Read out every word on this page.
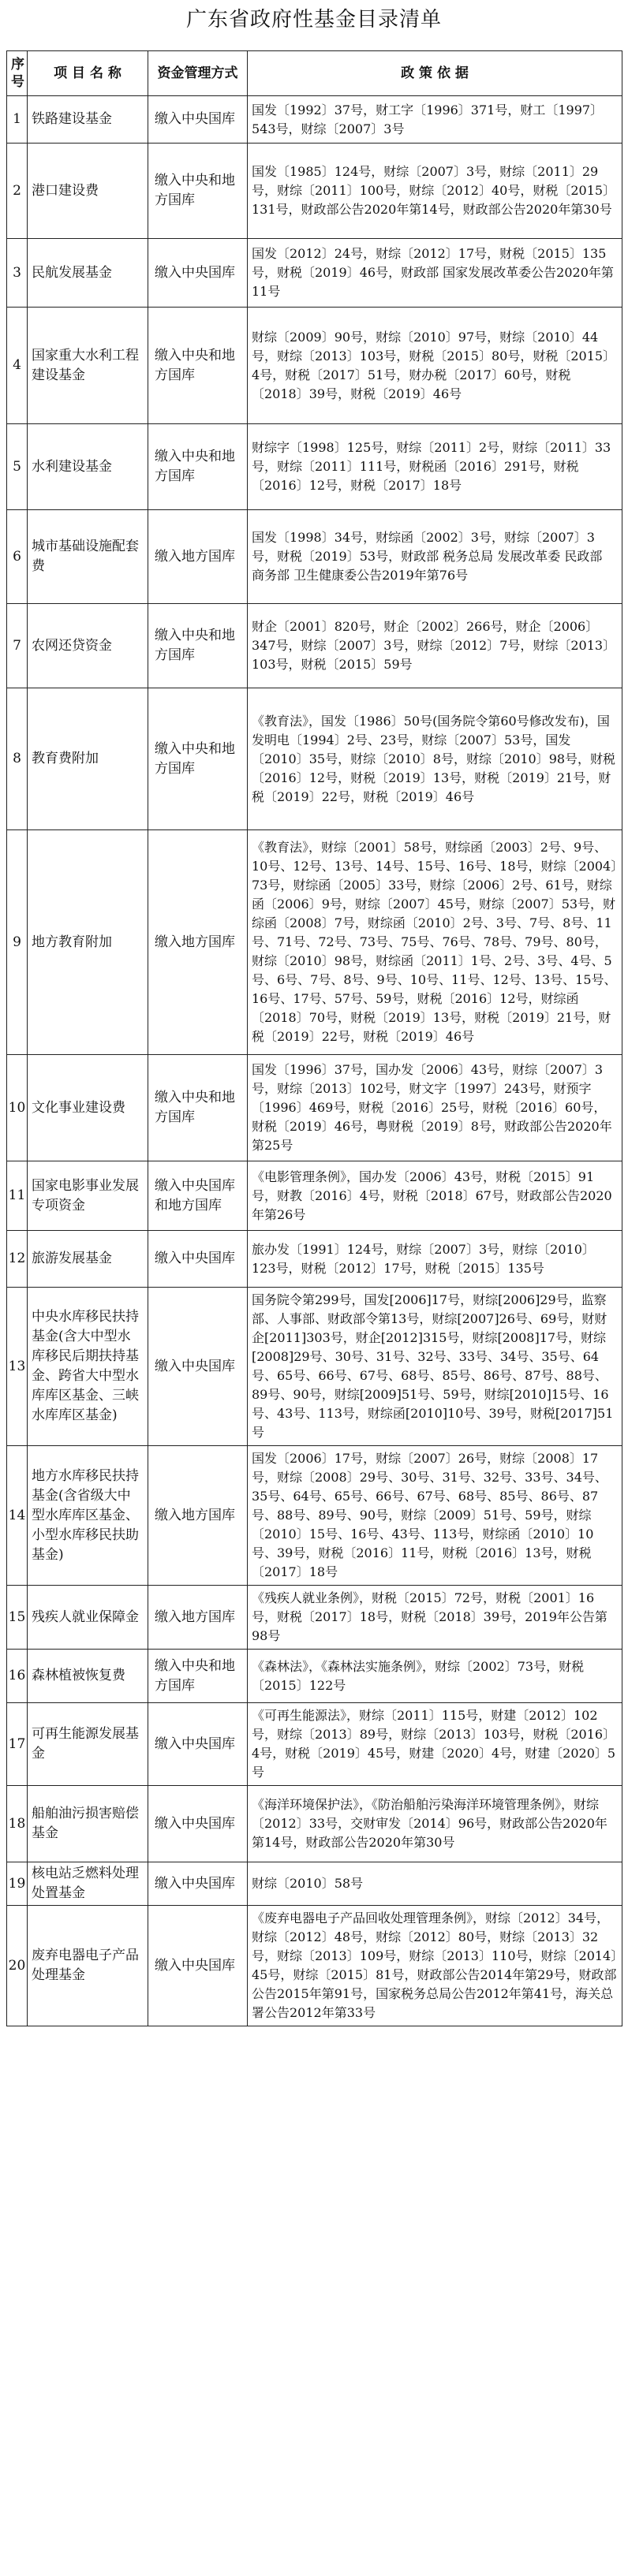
广东省政府性基金目录清单
序号	项 目 名 称	资金管理方式	政 策 依 据
1	铁路建设基金	缴入中央国库	国发〔1992〕37号，财工字〔1996〕371号，财工〔1997〕543号，财综〔2007〕3号
2	港口建设费	缴入中央和地方国库	国发〔1985〕124号，财综〔2007〕3号，财综〔2011〕29号，财综〔2011〕100号，财综〔2012〕40号，财税〔2015〕131号，财政部公告2020年第14号，财政部公告2020年第30号
3	民航发展基金	缴入中央国库	国发〔2012〕24号，财综〔2012〕17号，财税〔2015〕135号，财税〔2019〕46号，财政部 国家发展改革委公告2020年第11号
4	国家重大水利工程建设基金	缴入中央和地方国库	财综〔2009〕90号，财综〔2010〕97号，财综〔2010〕44号，财综〔2013〕103号，财税〔2015〕80号，财税〔2015〕4号，财税〔2017〕51号，财办税〔2017〕60号，财税〔2018〕39号，财税〔2019〕46号
5	水利建设基金	缴入中央和地方国库	财综字〔1998〕125号，财综〔2011〕2号，财综〔2011〕33号，财综〔2011〕111号，财税函〔2016〕291号，财税〔2016〕12号，财税〔2017〕18号
6	城市基础设施配套费	缴入地方国库	国发〔1998〕34号，财综函〔2002〕3号，财综〔2007〕3号，财税〔2019〕53号，财政部 税务总局 发展改革委 民政部 商务部 卫生健康委公告2019年第76号
7	农网还贷资金	缴入中央和地方国库	财企〔2001〕820号，财企〔2002〕266号，财企〔2006〕347号，财综〔2007〕3号，财综〔2012〕7号，财综〔2013〕103号，财税〔2015〕59号
8	教育费附加	缴入中央和地方国库	《教育法》，国发〔1986〕50号(国务院令第60号修改发布)，国发明电〔1994〕2号、23号，财综〔2007〕53号，国发〔2010〕35号，财综〔2010〕8号，财综〔2010〕98号，财税〔2016〕12号，财税〔2019〕13号，财税〔2019〕21号，财税〔2019〕22号，财税〔2019〕46号
9	地方教育附加	缴入地方国库	《教育法》，财综〔2001〕58号，财综函〔2003〕2号、9号、10号、12号、13号、14号、15号、16号、18号，财综〔2004〕73号，财综函〔2005〕33号，财综〔2006〕2号、61号，财综函〔2006〕9号，财综〔2007〕45号，财综〔2007〕53号，财综函〔2008〕7号，财综函〔2010〕2号、3号、7号、8号、11号、71号、72号、73号、75号、76号、78号、79号、80号，财综〔2010〕98号，财综函〔2011〕1号、2号、3号、4号、5号、6号、7号、8号、9号、10号、11号、12号、13号、15号、16号、17号、57号、59号，财税〔2016〕12号，财综函〔2018〕70号，财税〔2019〕13号，财税〔2019〕21号，财税〔2019〕22号，财税〔2019〕46号
10	文化事业建设费	缴入中央和地方国库	国发〔1996〕37号，国办发〔2006〕43号，财综〔2007〕3号，财综〔2013〕102号，财文字〔1997〕243号，财预字〔1996〕469号，财税〔2016〕25号，财税〔2016〕60号，财税〔2019〕46号，粤财税〔2019〕8号，财政部公告2020年第25号
11	国家电影事业发展专项资金	缴入中央国库和地方国库	《电影管理条例》，国办发〔2006〕43号，财税〔2015〕91号，财教〔2016〕4号，财税〔2018〕67号，财政部公告2020年第26号
12	旅游发展基金	缴入中央国库	旅办发〔1991〕124号，财综〔2007〕3号，财综〔2010〕123号，财税〔2012〕17号，财税〔2015〕135号
13	中央水库移民扶持基金(含大中型水库移民后期扶持基金、跨省大中型水库库区基金、三峡水库库区基金)	缴入中央国库	国务院令第299号，国发[2006]17号，财综[2006]29号，监察部、人事部、财政部令第13号，财综[2007]26号、69号，财财企[2011]303号，财企[2012]315号，财综[2008]17号，财综[2008]29号、30号、31号、32号、33号、34号、35号、64号、65号、66号、67号、68号、85号、86号、87号、88号、89号、90号，财综[2009]51号、59号，财综[2010]15号、16号、43号、113号，财综函[2010]10号、39号，财税[2017]51号
14	地方水库移民扶持基金(含省级大中型水库库区基金、小型水库移民扶助基金)	缴入地方国库	国发〔2006〕17号，财综〔2007〕26号，财综〔2008〕17号，财综〔2008〕29号、30号、31号、32号、33号、34号、35号、64号、65号、66号、67号、68号、85号、86号、87号、88号、89号、90号，财综〔2009〕51号、59号，财综〔2010〕15号、16号、43号、113号，财综函〔2010〕10号、39号，财税〔2016〕11号，财税〔2016〕13号，财税〔2017〕18号
15	残疾人就业保障金	缴入地方国库	《残疾人就业条例》，财税〔2015〕72号，财税〔2001〕16号，财税〔2017〕18号，财税〔2018〕39号，2019年公告第98号
16	森林植被恢复费	缴入中央和地方国库	《森林法》，《森林法实施条例》，财综〔2002〕73号，财税〔2015〕122号
17	可再生能源发展基金	缴入中央国库	《可再生能源法》，财综〔2011〕115号，财建〔2012〕102号，财综〔2013〕89号，财综〔2013〕103号，财税〔2016〕4号，财税〔2019〕45号，财建〔2020〕4号，财建〔2020〕5号
18	船舶油污损害赔偿基金	缴入中央国库	《海洋环境保护法》，《防治船舶污染海洋环境管理条例》，财综〔2012〕33号，交财审发〔2014〕96号，财政部公告2020年第14号，财政部公告2020年第30号
19	核电站乏燃料处理处置基金	缴入中央国库	财综〔2010〕58号
20	废弃电器电子产品处理基金	缴入中央国库	《废弃电器电子产品回收处理管理条例》，财综〔2012〕34号，财综〔2012〕48号，财综〔2012〕80号，财综〔2013〕32号，财综〔2013〕109号，财综〔2013〕110号，财综〔2014〕45号，财综〔2015〕81号，财政部公告2014年第29号，财政部公告2015年第91号，国家税务总局公告2012年第41号，海关总署公告2012年第33号
